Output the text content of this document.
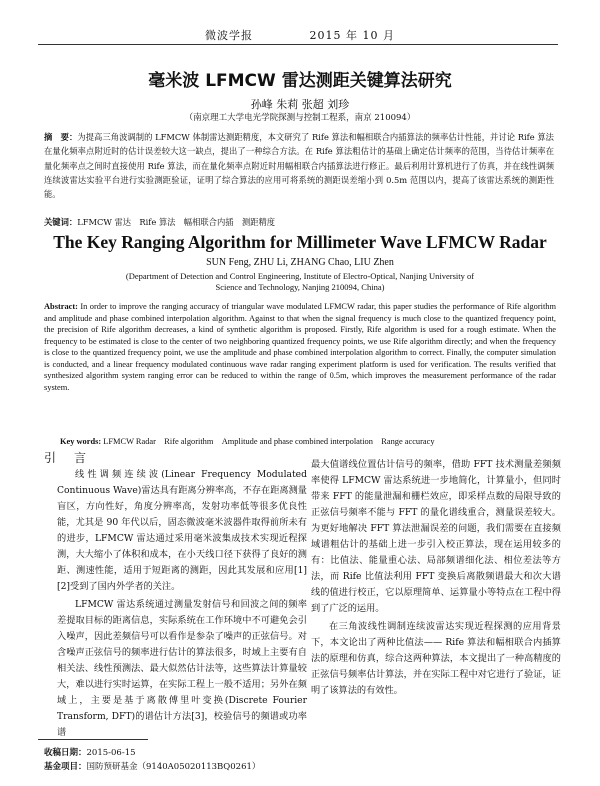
微波学报	2015 年 10 月
毫米波 LFMCW 雷达测距关键算法研究
孙峰 朱莉 张超 刘珍
（南京理工大学电光学院探测与控制工程系，南京 210094）
摘　要：为提高三角波调制的 LFMCW 体制雷达测距精度，本文研究了 Rife 算法和幅相联合内插算法的频率估计性能，并讨论 Rife 算法在量化频率点附近时的估计误差较大这一缺点，提出了一种综合方法。在 Rife 算法粗估计的基础上确定估计频率的范围，当待估计频率在量化频率点之间时直接使用 Rife 算法，而在量化频率点附近时用幅相联合内插算法进行修正。最后利用计算机进行了仿真，并在线性调频连续波雷达实验平台进行实验测距验证，证明了综合算法的应用可将系统的测距误差缩小到 0.5m 范围以内，提高了该雷达系统的测距性能。
关键词：LFMCW 雷达　Rife 算法　幅相联合内插　测距精度
The Key Ranging Algorithm for Millimeter Wave LFMCW Radar
SUN Feng, ZHU Li, ZHANG Chao, LIU Zhen
(Department of Detection and Control Engineering, Institute of Electro-Optical, Nanjing University of Science and Technology, Nanjing 210094, China)
Abstract: In order to improve the ranging accuracy of triangular wave modulated LFMCW radar, this paper studies the performance of Rife algorithm and amplitude and phase combined interpolation algorithm. Against to that when the signal frequency is much close to the quantized frequency point, the precision of Rife algorithm decreases, a kind of synthetic algorithm is proposed. Firstly, Rife algorithm is used for a rough estimate. When the frequency to be estimated is close to the center of two neighboring quantized frequency points, we use Rife algorithm directly; and when the frequency is close to the quantized frequency point, we use the amplitude and phase combined interpolation algorithm to correct. Finally, the computer simulation is conducted, and a linear frequency modulated continuous wave radar ranging experiment platform is used for verification. The results verified that synthesized algorithm system ranging error can be reduced to within the range of 0.5m, which improves the measurement performance of the radar system.
Key words: LFMCW Radar　Rife algorithm　Amplitude and phase combined interpolation　Range accuracy
引 言

线性调频连续波(Linear Frequency Modulated Continuous Wave)雷达具有距离分辨率高，不存在距离测量盲区，方向性好，角度分辨率高，发射功率低等很多优良性能，尤其是 90 年代以后，固态微波毫米波器件取得前所未有的进步，LFMCW 雷达通过采用毫米波集成技术实现近程探测，大大缩小了体积和成本，在小天线口径下获得了良好的测距、测速性能，适用于短距离的测距，因此其发展和应用[1][2]受到了国内外学者的关注。

LFMCW 雷达系统通过测量发射信号和回波之间的频率差提取目标的距离信息，实际系统在工作环境中不可避免会引入噪声，因此差频信号可以看作是参杂了噪声的正弦信号。对含噪声正弦信号的频率进行估计的算法很多，时域上主要有自相关法、线性预测法、最大似然估计法等，这些算法计算量较大，难以进行实时运算，在实际工程上一般不适用；另外在频域上，主要是基于离散傅里叶变换(Discrete Fourier Transform, DFT)的谱估计方法[3]，校验信号的频谱或功率谱

最大值谱线位置估计信号的频率，借助 FFT 技术测量差频频率使得 LFMCW 雷达系统进一步地简化，计算量小，但同时带来 FFT 的能量泄漏和栅栏效应，即采样点数的局限导致的正弦信号频率不能与 FFT 的量化谱线重合，测量误差较大。为更好地解决 FFT 算法泄漏误差的问题，我们需要在直接频域谱粗估计的基础上进一步引入校正算法，现在运用较多的有：比值法、能量重心法、局部频谱细化法、相位差法等方法，而 Rife 比值法利用 FFT 变换后离散频谱最大和次大谱线的值进行校正，它以原理简单、运算量小等特点在工程中得到了广泛的运用。

在三角波线性调制连续波雷达实现近程探测的应用背景下，本文论出了两种比值法—— Rife 算法和幅相联合内插算法的原理和仿真，综合这两种算法，本文提出了一种高精度的正弦信号频率估计算法，并在实际工程中对它进行了验证，证明了该算法的有效性。

收稿日期：2015-06-15
基金项目：国防预研基金（9140A05020113BQ0261）
